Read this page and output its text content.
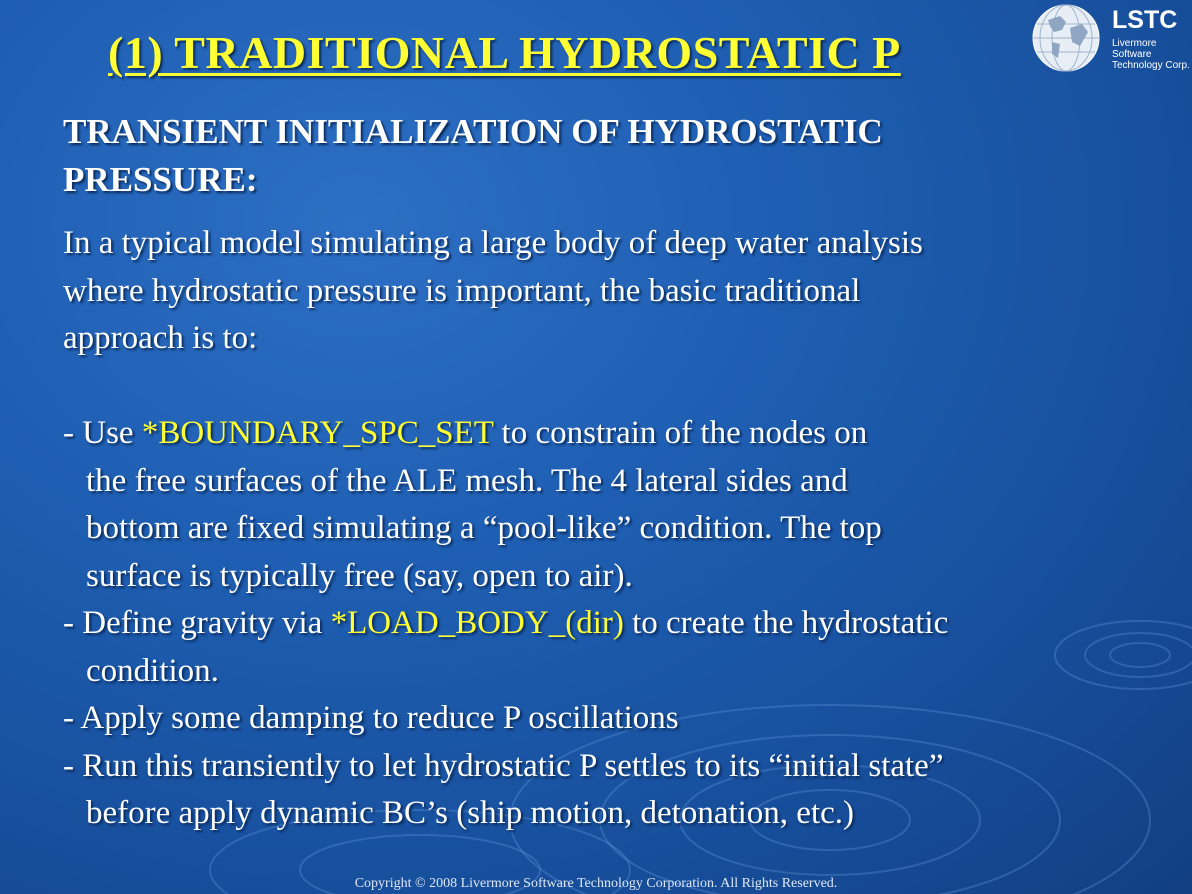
LSTC
Livermore Software
Technology Corp.
(1) TRADITIONAL HYDROSTATIC P
TRANSIENT INITIALIZATION OF HYDROSTATIC
PRESSURE:
In a typical model simulating a large body of deep water analysis
where hydrostatic pressure is important, the basic traditional
approach is to:
- Use *BOUNDARY_SPC_SET to constrain of the nodes on
the free surfaces of the ALE mesh. The 4 lateral sides and
bottom are fixed simulating a “pool-like” condition. The top
surface is typically free (say, open to air).
- Define gravity via *LOAD_BODY_(dir) to create the hydrostatic
condition.
- Apply some damping to reduce P oscillations
- Run this transiently to let hydrostatic P settles to its “initial state”
before apply dynamic BC’s (ship motion, detonation, etc.)
Copyright © 2008 Livermore Software Technology Corporation. All Rights Reserved.
